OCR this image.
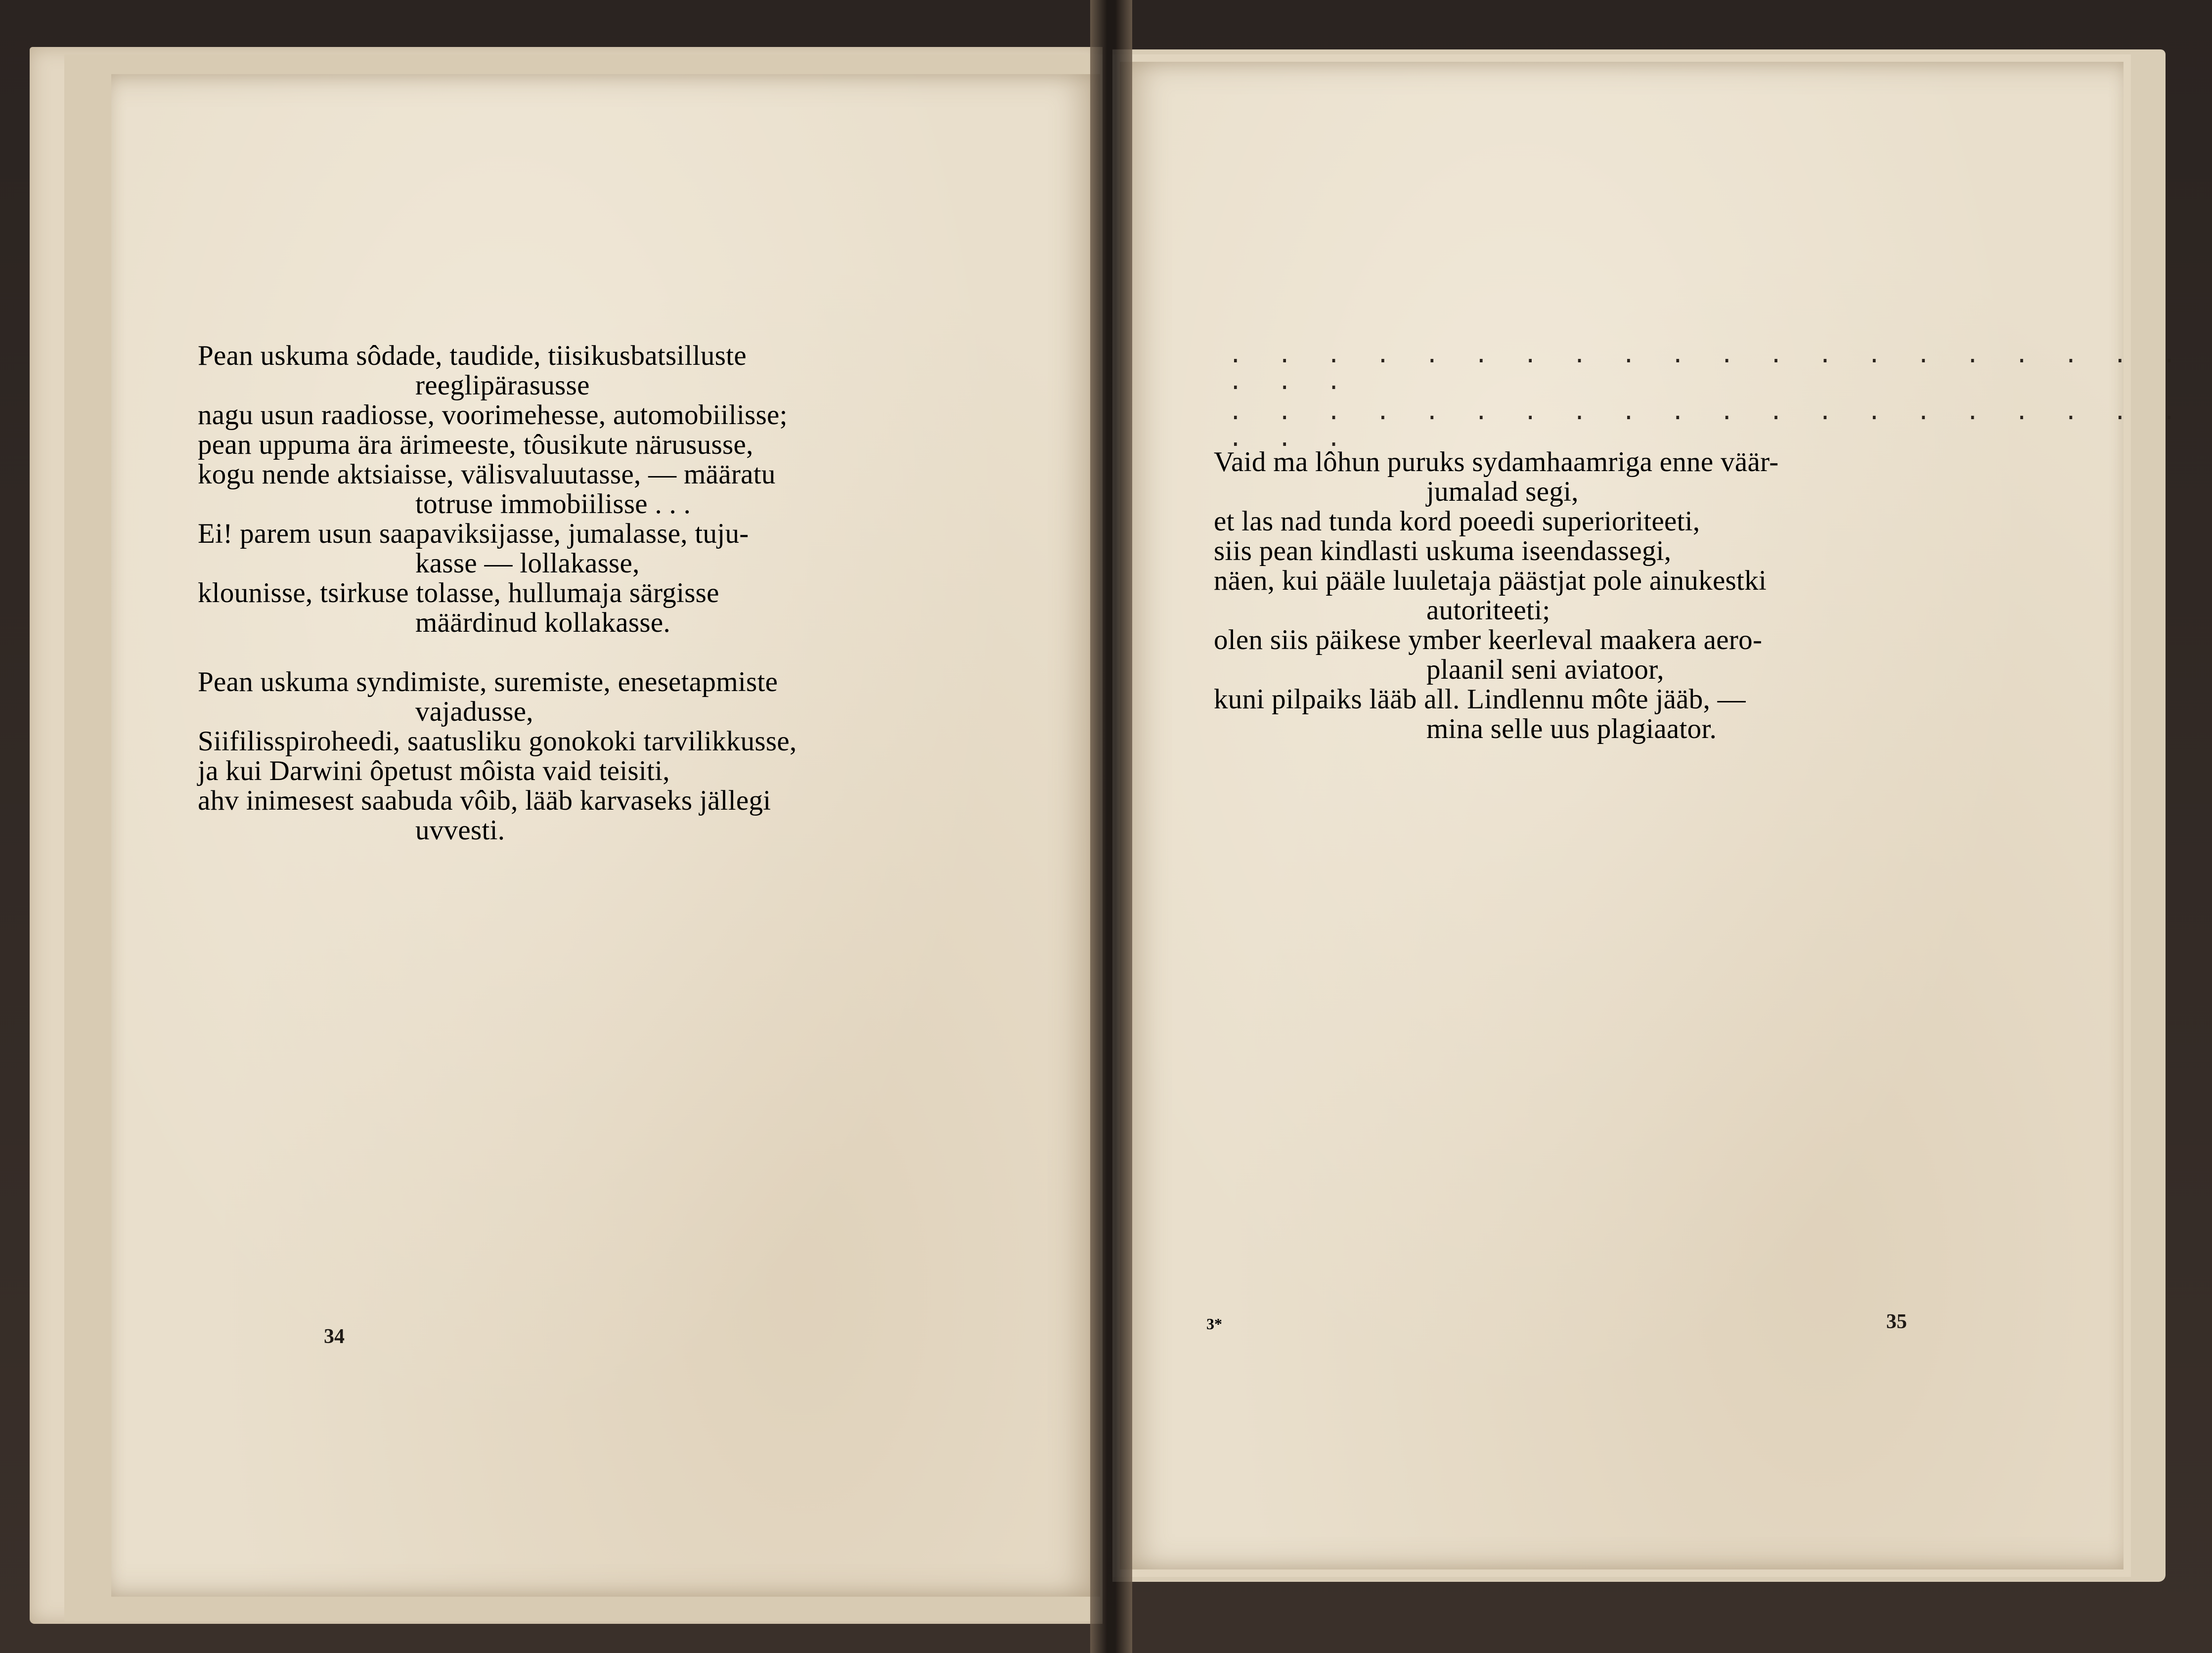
Pean uskuma sôdade, taudide, tiisikusbatsilluste
reeglipärasusse
nagu usun raadiosse, voorimehesse, automobiilisse;
pean uppuma ära ärimeeste, tôusikute närususse,
kogu nende aktsiaisse, välisvaluutasse, — määratu
totruse immobiilisse . . .
Ei! parem usun saapaviksijasse, jumalasse, tuju-
kasse — lollakasse,
klounisse, tsirkuse tolasse, hullumaja särgisse
määrdinud kollakasse.
Pean uskuma syndimiste, suremiste, enesetapmiste
vajadusse,
Siifilisspiroheedi, saatusliku gonokoki tarvilikkusse,
ja kui Darwini ôpetust môista vaid teisiti,
ahv inimesest saabuda vôib, lääb karvaseks jällegi
uvvesti.
34
. . . . . . . . . . . . . . . . . . . . . . .
. . . . . . . . . . . . . . . . . . . . . . .
Vaid ma lôhun puruks sydamhaamriga enne väär-
jumalad segi,
et las nad tunda kord poeedi superioriteeti,
siis pean kindlasti uskuma iseendassegi,
näen, kui pääle luuletaja päästjat pole ainukestki
autoriteeti;
olen siis päikese ymber keerleval maakera aero-
plaanil seni aviatoor,
kuni pilpaiks lääb all. Lindlennu môte jääb, —
mina selle uus plagiaator.
3*	35
